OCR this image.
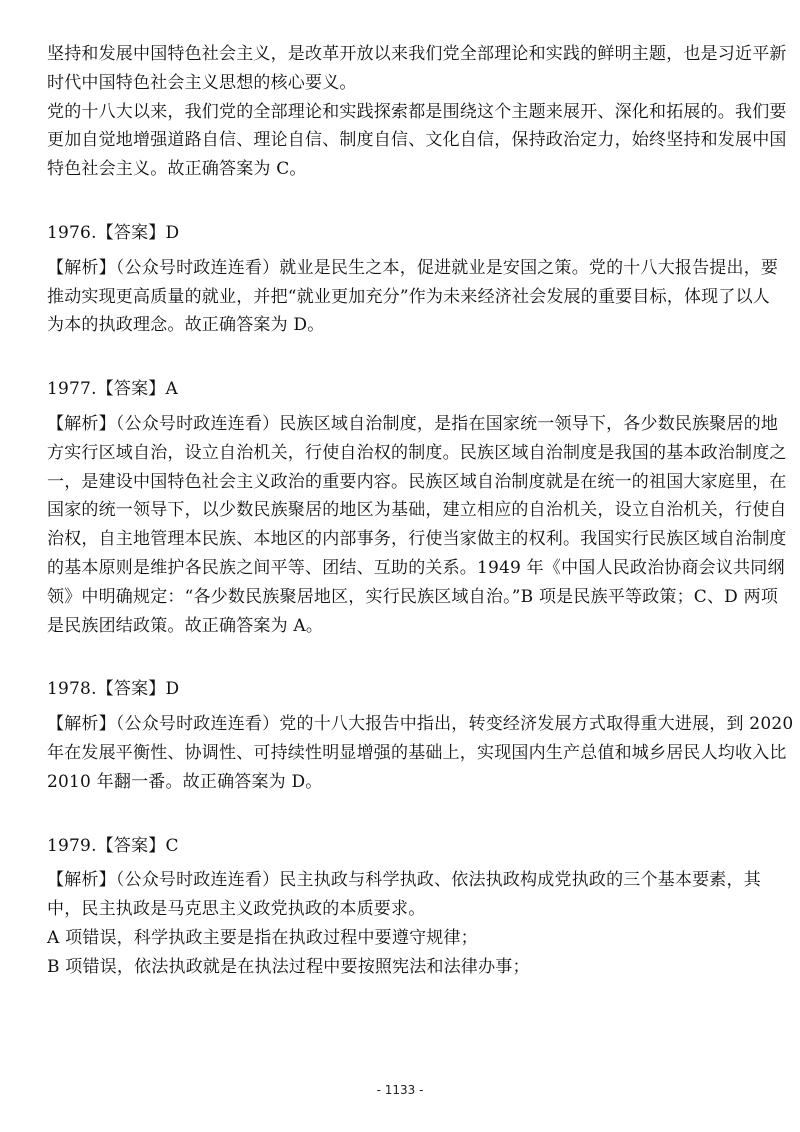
坚持和发展中国特色社会主义，是改革开放以来我们党全部理论和实践的鲜明主题，也是习近平新
时代中国特色社会主义思想的核心要义。
党的十八大以来，我们党的全部理论和实践探索都是围绕这个主题来展开、深化和拓展的。我们要
更加自觉地增强道路自信、理论自信、制度自信、文化自信，保持政治定力，始终坚持和发展中国
特色社会主义。故正确答案为 C。
1976.【答案】D
【解析】（公众号时政连连看）就业是民生之本，促进就业是安国之策。党的十八大报告提出，要
推动实现更高质量的就业，并把“就业更加充分”作为未来经济社会发展的重要目标，体现了以人
为本的执政理念。故正确答案为 D。
1977.【答案】A
【解析】（公众号时政连连看）民族区域自治制度，是指在国家统一领导下，各少数民族聚居的地
方实行区域自治，设立自治机关，行使自治权的制度。民族区域自治制度是我国的基本政治制度之
一，是建设中国特色社会主义政治的重要内容。民族区域自治制度就是在统一的祖国大家庭里，在
国家的统一领导下，以少数民族聚居的地区为基础，建立相应的自治机关，设立自治机关，行使自
治权，自主地管理本民族、本地区的内部事务，行使当家做主的权利。我国实行民族区域自治制度
的基本原则是维护各民族之间平等、团结、互助的关系。1949 年《中国人民政治协商会议共同纲
领》中明确规定：“各少数民族聚居地区，实行民族区域自治。”B 项是民族平等政策；C、D 两项
是民族团结政策。故正确答案为 A。
1978.【答案】D
【解析】（公众号时政连连看）党的十八大报告中指出，转变经济发展方式取得重大进展，到 2020
年在发展平衡性、协调性、可持续性明显增强的基础上，实现国内生产总值和城乡居民人均收入比
2010 年翻一番。故正确答案为 D。
1979.【答案】C
【解析】（公众号时政连连看）民主执政与科学执政、依法执政构成党执政的三个基本要素，其
中，民主执政是马克思主义政党执政的本质要求。
A 项错误，科学执政主要是指在执政过程中要遵守规律；
B 项错误，依法执政就是在执法过程中要按照宪法和法律办事；
- 1133 -
